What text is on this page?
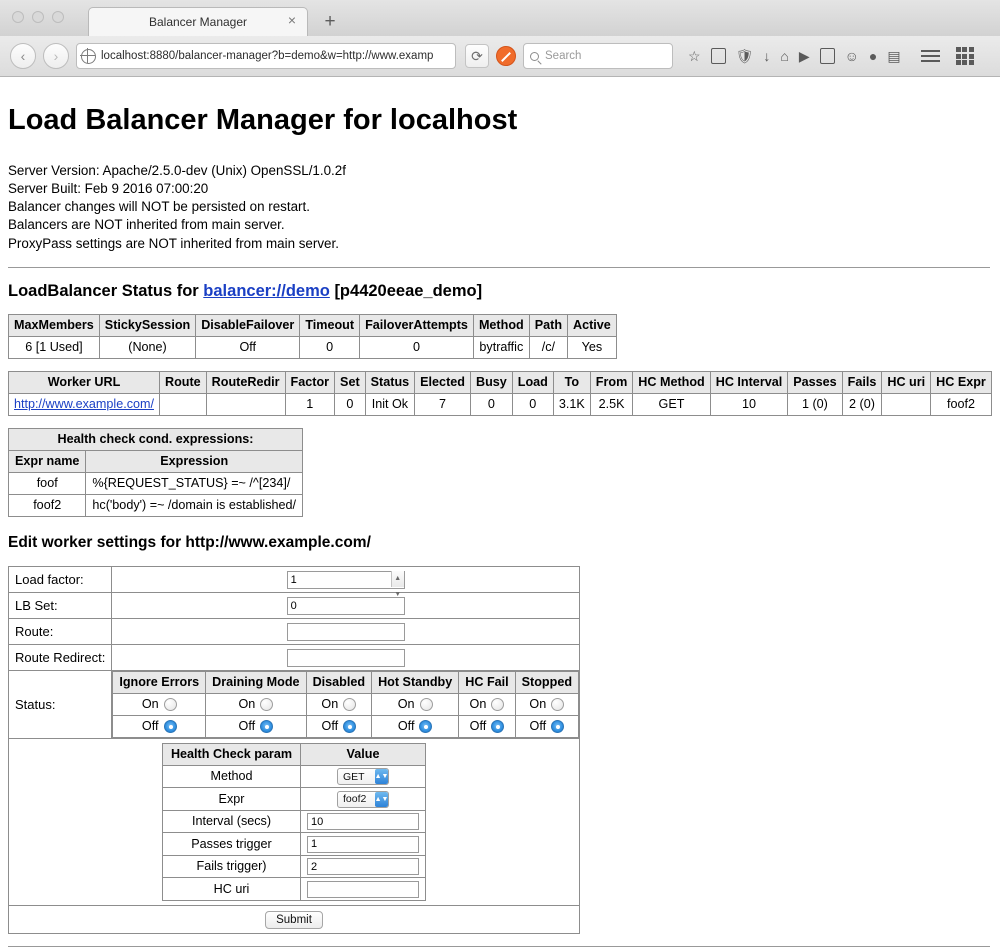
Balancer Manager	× +
‹	›	localhost:8880/balancer-manager?b=demo&w=http://www.examp	⟳	Search	☆	🛡 ↓ ⌂ ▶	☺ ● ▤
Load Balancer Manager for localhost
Server Version: Apache/2.5.0-dev (Unix) OpenSSL/1.0.2f
Server Built: Feb 9 2016 07:00:20
Balancer changes will NOT be persisted on restart.
Balancers are NOT inherited from main server.
ProxyPass settings are NOT inherited from main server.
LoadBalancer Status for balancer://demo [p4420eeae_demo]
MaxMembers	StickySession	DisableFailover	Timeout	FailoverAttempts	Method	Path	Active
6 [1 Used]	(None)	Off	0	0	bytraffic	/c/	Yes
Worker URL	Route	RouteRedir	Factor	Set	Status	Elected	Busy	Load	To	From	HC Method	HC Interval	Passes	Fails	HC uri	HC Expr
http://www.example.com/			1	0	Init Ok	7	0	0	3.1K	2.5K	GET	10	1 (0)	2 (0)		foof2
Health check cond. expressions:	
Expr name	Expression
foof	%{REQUEST_STATUS} =~ /^[234]/
foof2	hc('body') =~ /domain is established/
Edit worker settings for http://www.example.com/
Load factor:	1▲
▼

LB Set:	0
Route:	
Route Redirect:	
Status:	
Ignore Errors	Draining Mode	Disabled	Hot Standby	HC Fail	Stopped

On	On	On	On	On	On

Off	Off	Off	Off	Off	Off

Health Check param	Value
Method	GET ▲▼

Expr	foof2 ▲▼

Interval (secs)	10
Passes trigger	1
Fails trigger)	2
HC uri	

Submit
